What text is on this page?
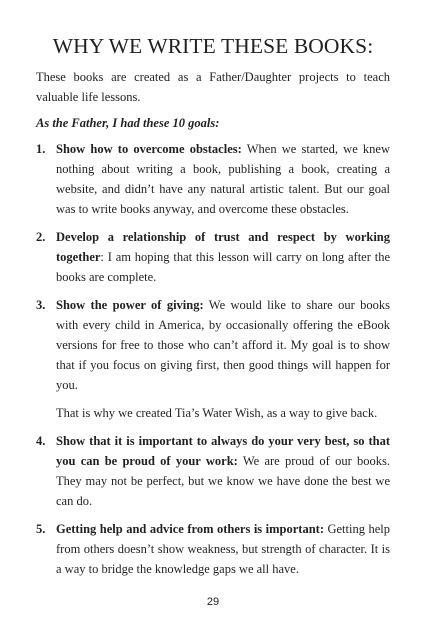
WHY WE WRITE THESE BOOKS:

These books are created as a Father/Daughter projects to teach valuable life lessons.

As the Father, I had these 10 goals:

1. Show how to overcome obstacles: When we started, we knew nothing about writing a book, publishing a book, creating a website, and didn’t have any natural artistic talent. But our goal was to write books anyway, and overcome these obstacles.

2. Develop a relationship of trust and respect by working together: I am hoping that this lesson will carry on long after the books are complete.

3. Show the power of giving: We would like to share our books with every child in America, by occasionally offering the eBook versions for free to those who can’t afford it. My goal is to show that if you focus on giving first, then good things will happen for you.

That is why we created Tia’s Water Wish, as a way to give back.

4. Show that it is important to always do your very best, so that you can be proud of your work: We are proud of our books. They may not be perfect, but we know we have done the best we can do.

5. Getting help and advice from others is important: Getting help from others doesn’t show weakness, but strength of character. It is a way to bridge the knowledge gaps we all have.

29
